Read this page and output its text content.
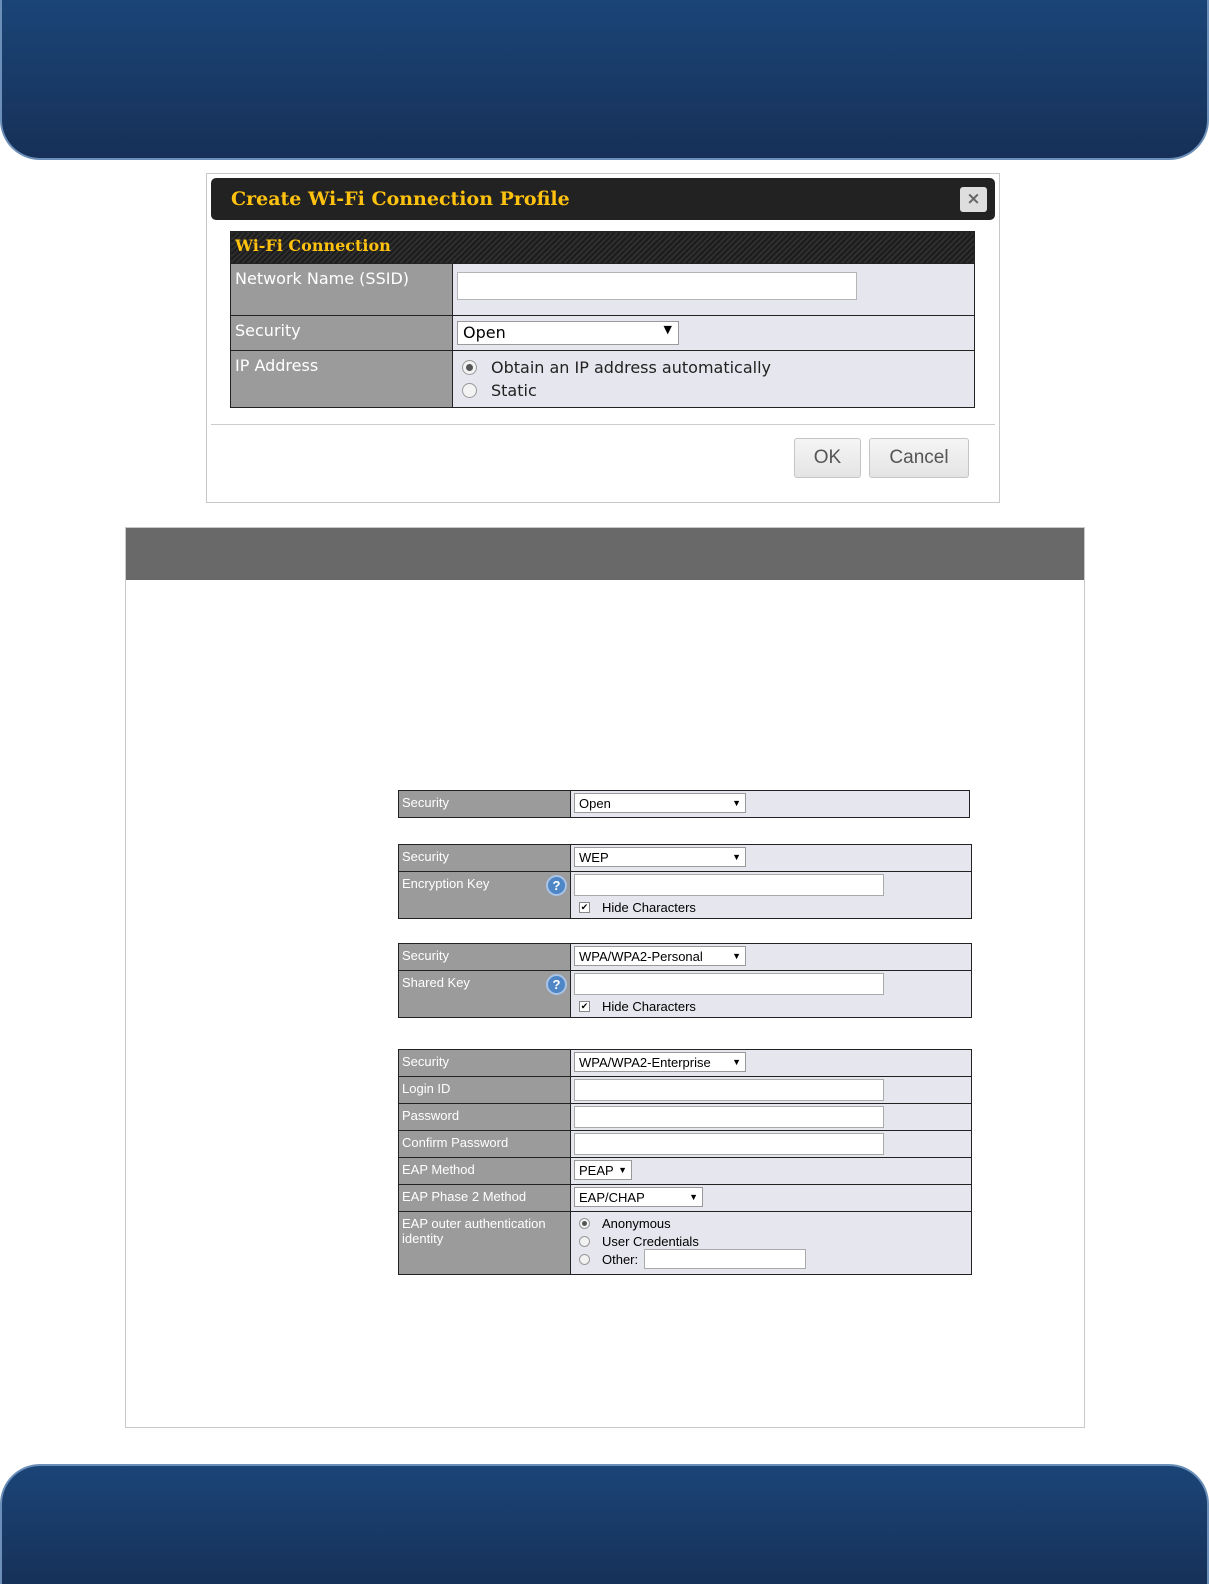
Create Wi-Fi Connection Profile	×
Wi-Fi Connection	
Network Name (SSID)	

Security	Open ▼

IP Address	Obtain an IP address automatically
Static
OK	Cancel
Security	Open	▼
Security	WEP ▼

Encryption Key ?	✔ Hide Characters
Security	WPA/WPA2-Personal ▼

Shared Key ?	✔ Hide Characters
Security	WPA/WPA2-Enterprise ▼

Login ID	

Password	

Confirm Password	

EAP Method	PEAP ▼

EAP Phase 2 Method	EAP/CHAP ▼

EAP outer authentication identity	Anonymous
User Credentials
Other:
